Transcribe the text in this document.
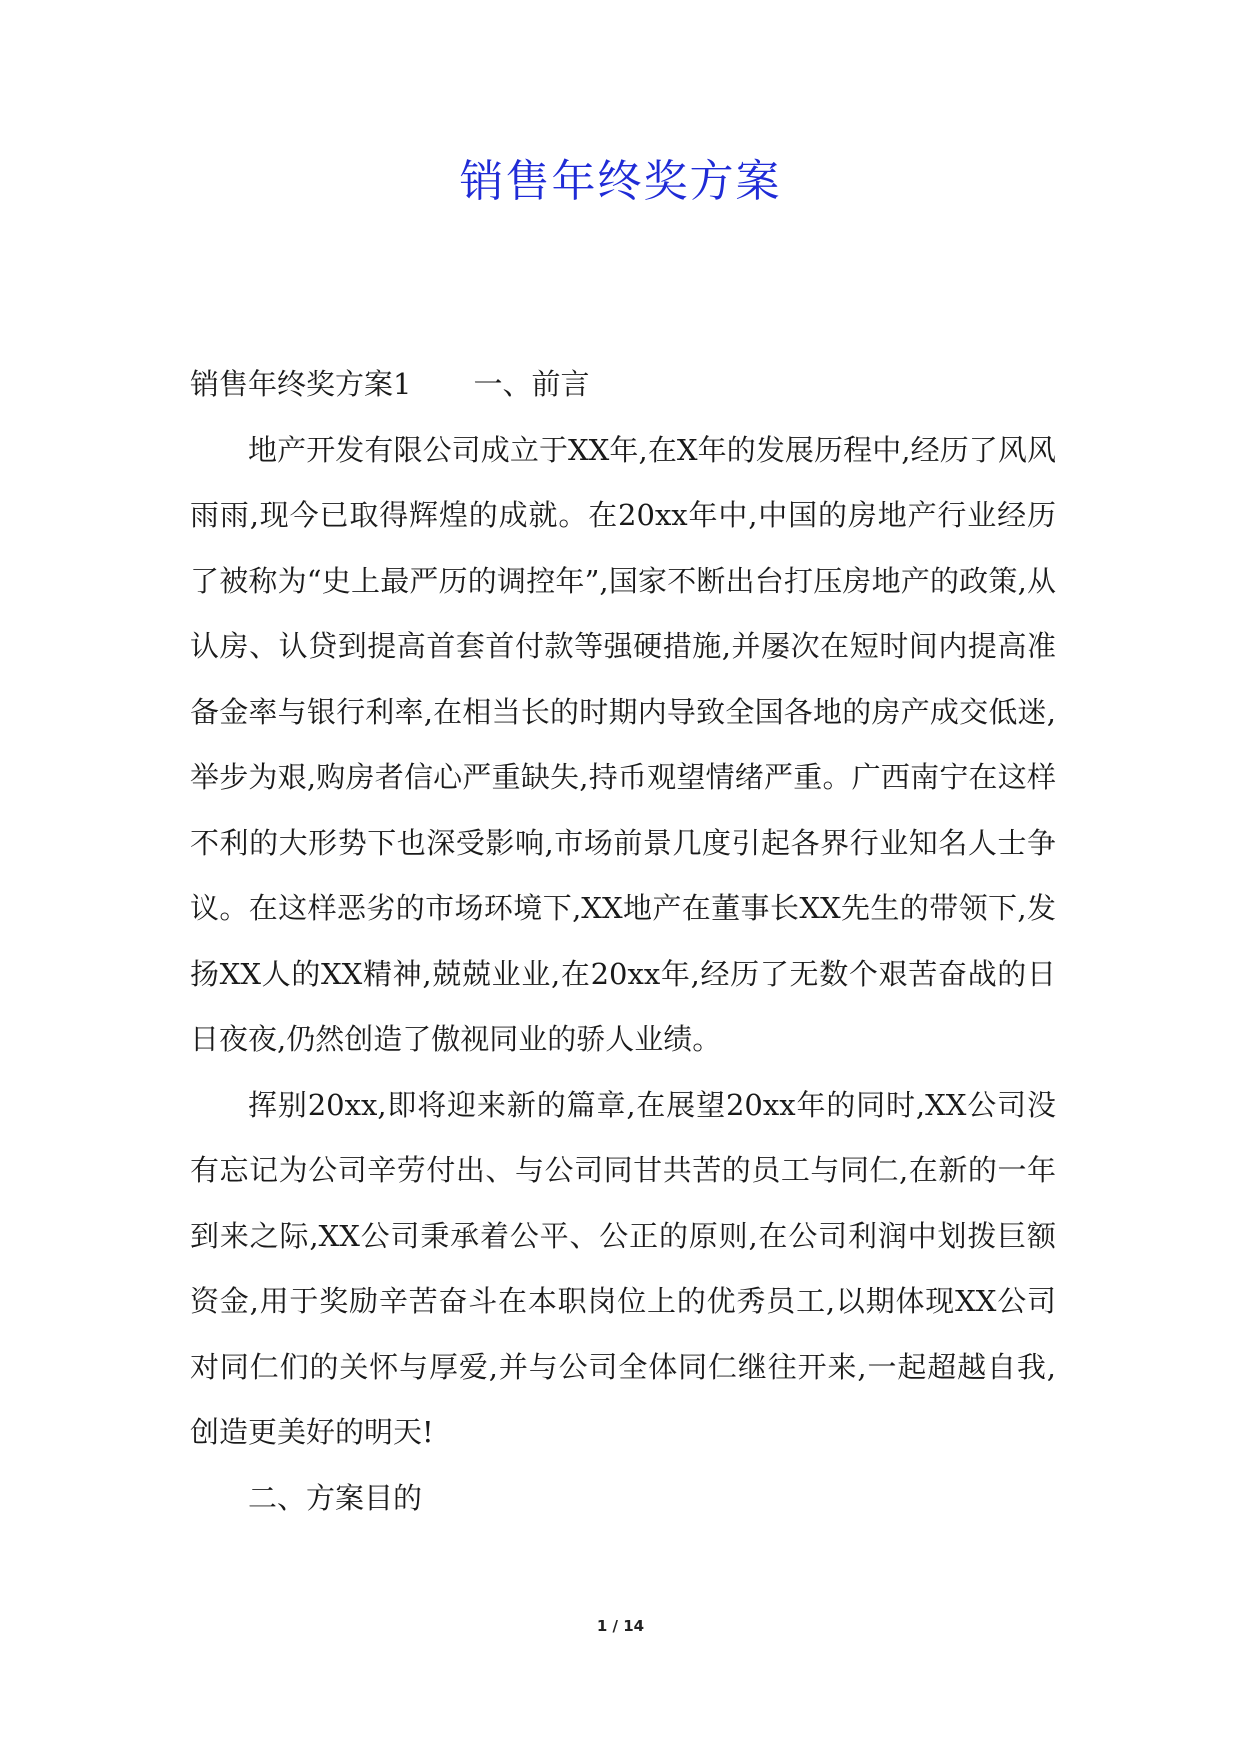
销售年终奖方案

销售年终奖方案1 一、前言

地产开发有限公司成立于XX年,在X年的发展历程中,经历了风风雨雨,现今已取得辉煌的成就。在20xx年中,中国的房地产行业经历了被称为“史上最严历的调控年”,国家不断出台打压房地产的政策,从认房、认贷到提高首套首付款等强硬措施,并屡次在短时间内提高准备金率与银行利率,在相当长的时期内导致全国各地的房产成交低迷,举步为艰,购房者信心严重缺失,持币观望情绪严重。广西南宁在这样不利的大形势下也深受影响,市场前景几度引起各界行业知名人士争议。在这样恶劣的市场环境下,XX地产在董事长XX先生的带领下,发扬XX人的XX精神,兢兢业业,在20xx年,经历了无数个艰苦奋战的日日夜夜,仍然创造了傲视同业的骄人业绩。

挥别20xx,即将迎来新的篇章,在展望20xx年的同时,XX公司没有忘记为公司辛劳付出、与公司同甘共苦的员工与同仁,在新的一年到来之际,XX公司秉承着公平、公正的原则,在公司利润中划拨巨额资金,用于奖励辛苦奋斗在本职岗位上的优秀员工,以期体现XX公司对同仁们的关怀与厚爱,并与公司全体同仁继往开来,一起超越自我,创造更美好的明天!

二、方案目的

1 / 14
